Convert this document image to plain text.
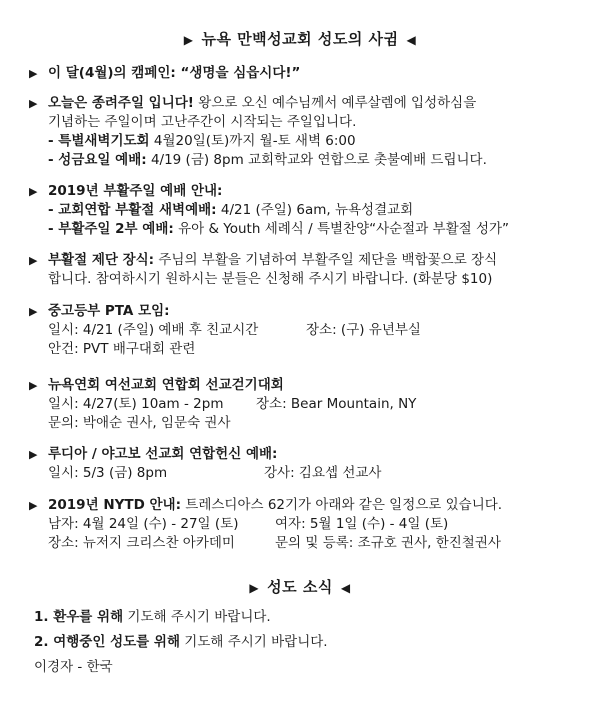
▶ 뉴욕 만백성교회 성도의 사귐 ◀
▶ 이 달(4월)의 캠페인: “생명을 심읍시다!”
▶ 오늘은 종려주일 입니다! 왕으로 오신 예수님께서 예루살렘에 입성하심을
기념하는 주일이며 고난주간이 시작되는 주일입니다.
- 특별새벽기도회 4월20일(토)까지 월-토 새벽 6:00
- 성금요일 예배: 4/19 (금) 8pm 교회학교와 연합으로 촛불예배 드립니다.
▶ 2019년 부활주일 예배 안내:
- 교회연합 부활절 새벽예배: 4/21 (주일) 6am, 뉴욕성결교회
- 부활주일 2부 예배: 유아 & Youth 세례식 / 특별찬양“사순절과 부활절 성가”
▶ 부활절 제단 장식: 주님의 부활을 기념하여 부활주일 제단을 백합꽃으로 장식
합니다. 참여하시기 원하시는 분들은 신청해 주시기 바랍니다. (화분당 $10)
▶ 중고등부 PTA 모임:
일시: 4/21 (주일) 예배 후 친교시간	장소: (구) 유년부실
안건: PVT 배구대회 관련
▶ 뉴욕연회 여선교회 연합회 선교걷기대회
일시: 4/27(토) 10am - 2pm 장소: Bear Mountain, NY
문의: 박애순 권사, 임문숙 권사
▶ 루디아 / 야고보 선교회 연합헌신 예배:
일시: 5/3 (금) 8pm	강사: 김요셉 선교사
▶ 2019년 NYTD 안내: 트레스디아스 62기가 아래와 같은 일정으로 있습니다.
남자: 4월 24일 (수) - 27일 (토)	여자: 5월 1일 (수) - 4일 (토)
장소: 뉴저지 크리스찬 아카데미	문의 및 등록: 조규호 권사, 한진철권사
▶ 성도 소식 ◀
1. 환우를 위해 기도해 주시기 바랍니다.
2. 여행중인 성도를 위해 기도해 주시기 바랍니다.
이경자 - 한국
